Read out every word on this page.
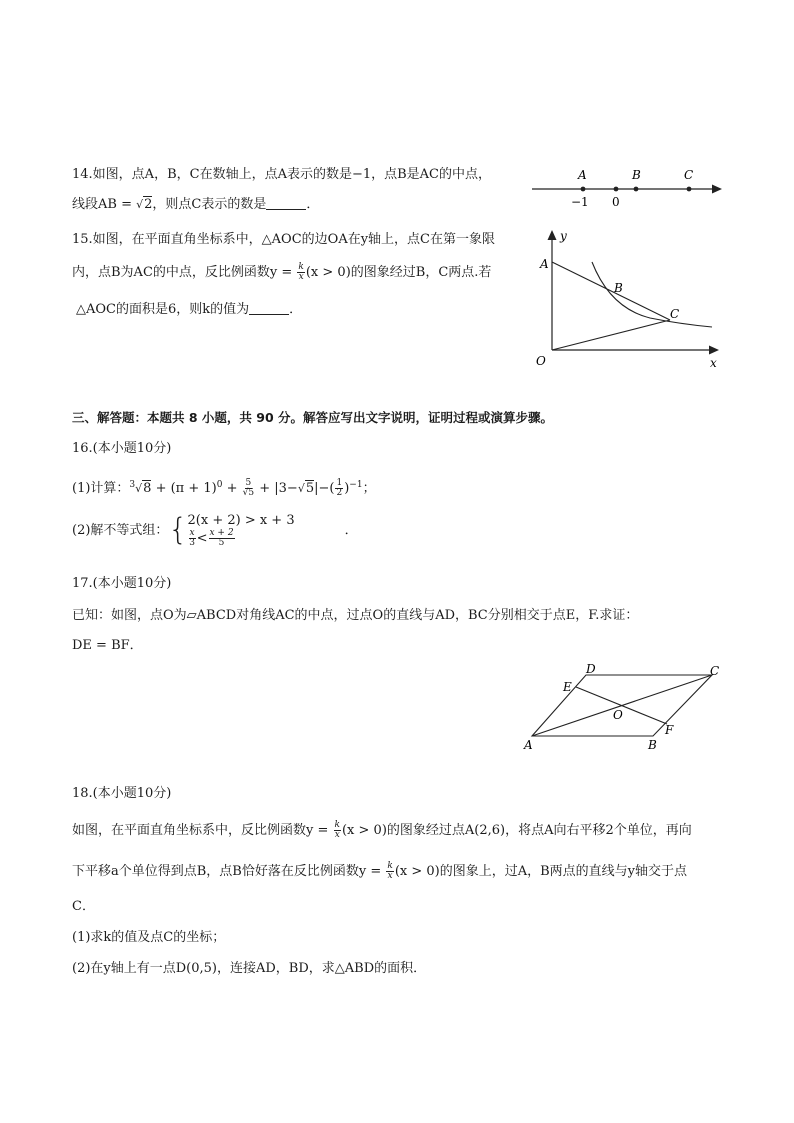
14.如图，点A，B，C在数轴上，点A表示的数是−1，点B是AC的中点，
线段AB = √2，则点C表示的数是	．
A	B	C
−1 0
15.如图，在平面直角坐标系中，△AOC的边OA在y轴上，点C在第一象限
内，点B为AC的中点，反比例函数$y = \frac{k}{x} (x > 0)$的图象经过B，C两点.若
△AOC的面积是6，则k的值为	．
y
A
B
C
O	x
三、解答题：本题共 8 小题，共 90 分。解答应写出文字说明，证明过程或演算步骤。
16.(本小题10分)
(1)计算：$^3√8 + (\pi + 1)^0 + \frac{5}{√5} + |3-√5|-( \frac{1}{2} )^{-1}$；
(2)解不等式组：{ 2(x + 2) > x + 3
$\frac{x}{3} < \frac{x + 2}{5}$	．
17.(本小题10分)
已知：如图，点O为▱ABCD对角线AC的中点，过点O的直线与AD，BC分别相交于点E，F.求证：
DE = BF．
D	C
E
O
F
A	B
18.(本小题10分)
如图，在平面直角坐标系中，反比例函数$y = \frac{k}{x} (x > 0)$的图象经过点A(2,6)，将点A向右平移2个单位，再向
下平移a个单位得到点B，点B恰好落在反比例函数$y = \frac{k}{x} (x > 0)$的图象上，过A，B两点的直线与y轴交于点
C．
(1)求k的值及点C的坐标；
(2)在y轴上有一点D(0,5)，连接AD，BD，求△ABD的面积．
